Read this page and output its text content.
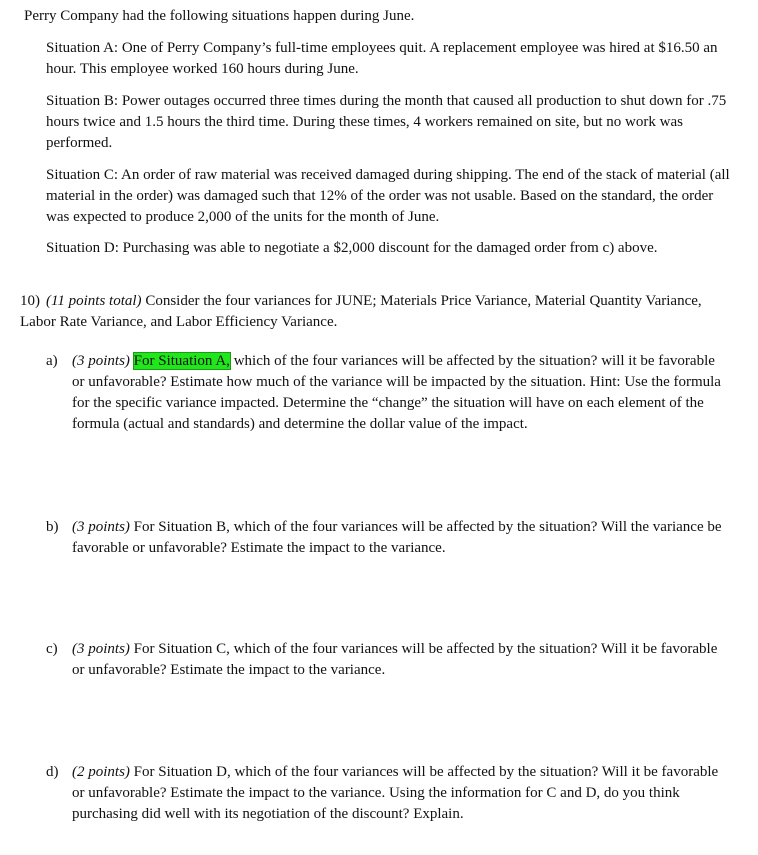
Perry Company had the following situations happen during June.

Situation A: One of Perry Company’s full-time employees quit. A replacement employee was hired at $16.50 an hour. This employee worked 160 hours during June.

Situation B: Power outages occurred three times during the month that caused all production to shut down for .75 hours twice and 1.5 hours the third time. During these times, 4 workers remained on site, but no work was performed.

Situation C: An order of raw material was received damaged during shipping. The end of the stack of material (all material in the order) was damaged such that 12% of the order was not usable. Based on the standard, the order was expected to produce 2,000 of the units for the month of June.

Situation D: Purchasing was able to negotiate a $2,000 discount for the damaged order from c) above.

10) (11 points total) Consider the four variances for JUNE; Materials Price Variance, Material Quantity Variance, Labor Rate Variance, and Labor Efficiency Variance.
a) (3 points) For Situation A, which of the four variances will be affected by the situation? will it be favorable or unfavorable? Estimate how much of the variance will be impacted by the situation. Hint: Use the formula for the specific variance impacted. Determine the “change” the situation will have on each element of the formula (actual and standards) and determine the dollar value of the impact.
b) (3 points) For Situation B, which of the four variances will be affected by the situation? Will the variance be favorable or unfavorable? Estimate the impact to the variance.
c) (3 points) For Situation C, which of the four variances will be affected by the situation? Will it be favorable or unfavorable? Estimate the impact to the variance.
d) (2 points) For Situation D, which of the four variances will be affected by the situation? Will it be favorable or unfavorable? Estimate the impact to the variance. Using the information for C and D, do you think purchasing did well with its negotiation of the discount? Explain.
